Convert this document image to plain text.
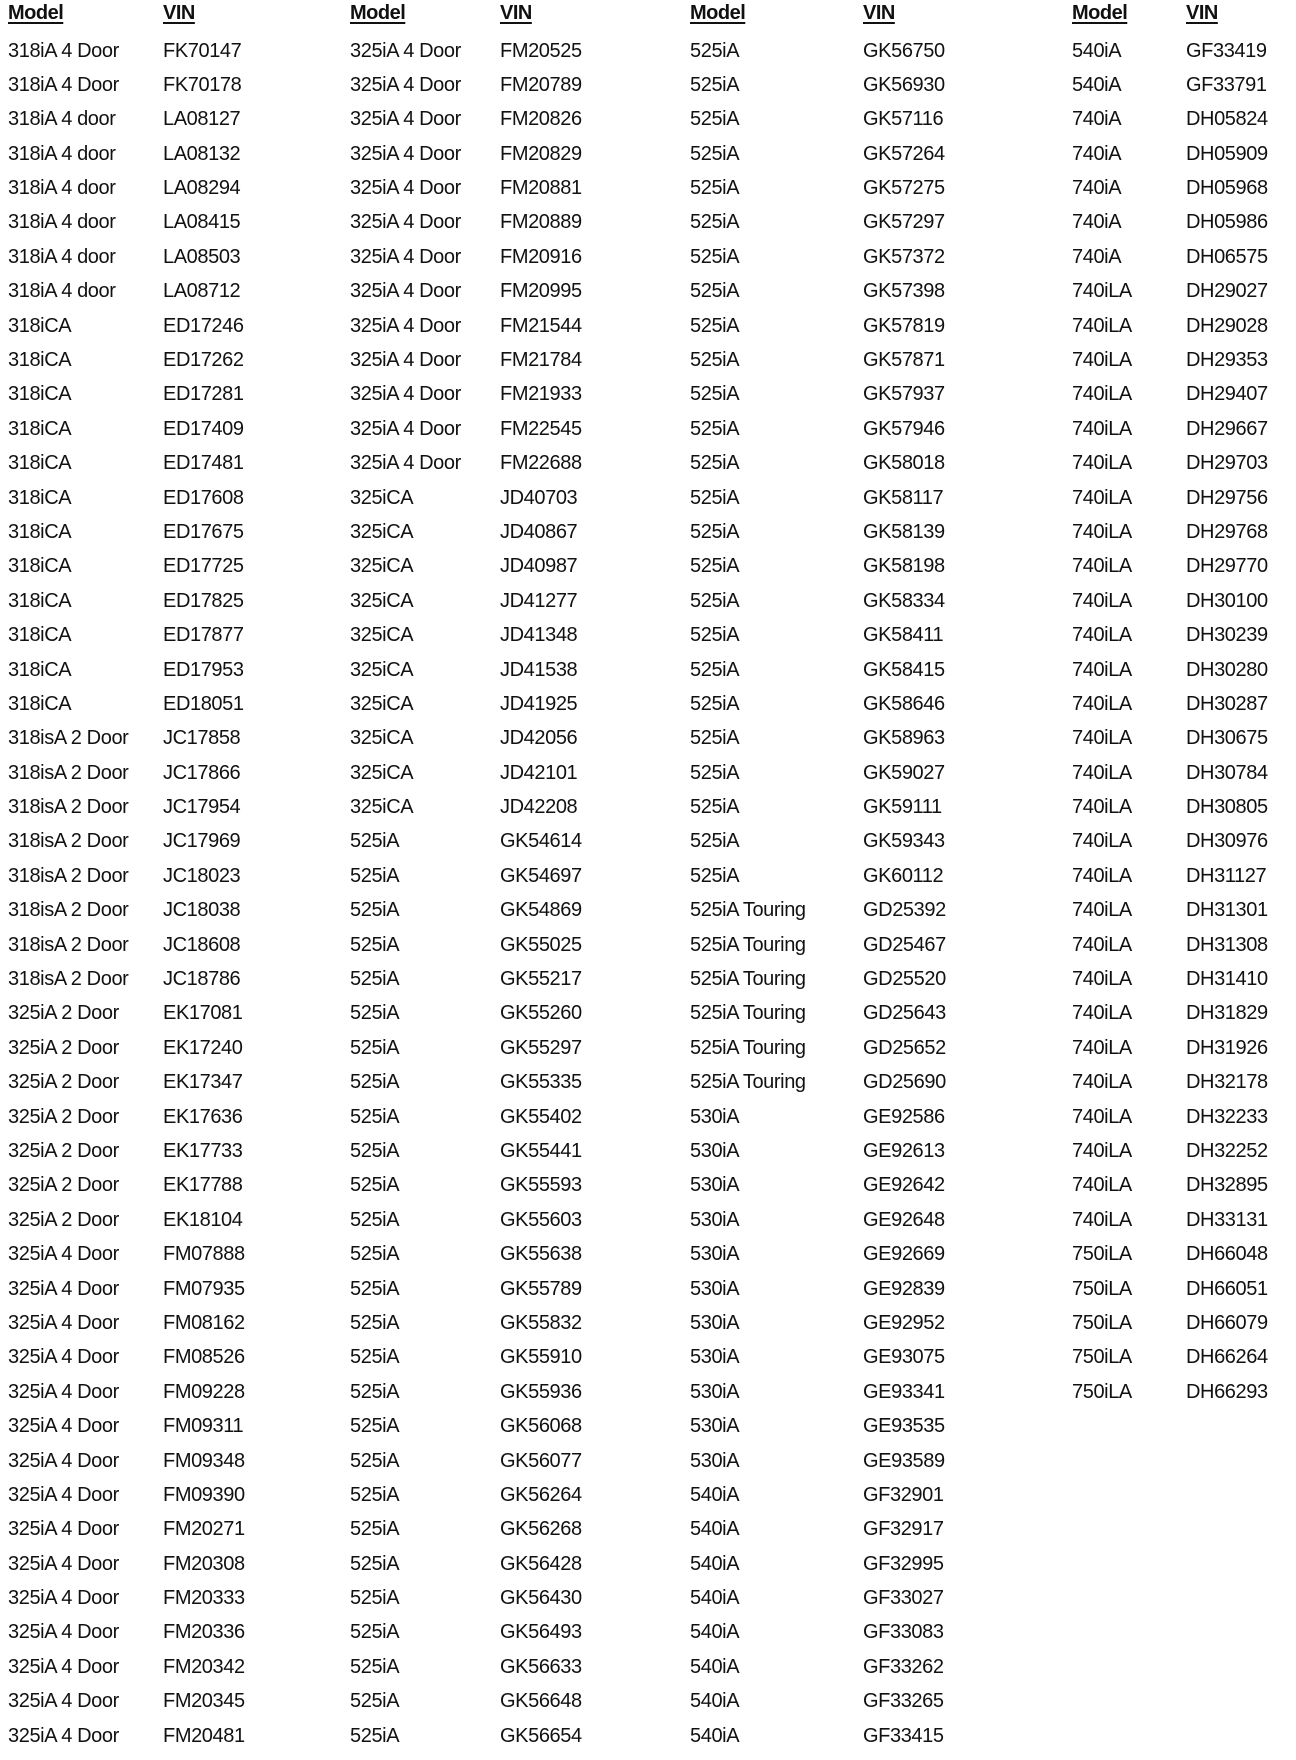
Model	VIN
318iA 4 Door FK70147
318iA 4 Door FK70178
318iA 4 door LA08127
318iA 4 door LA08132
318iA 4 door LA08294
318iA 4 door LA08415
318iA 4 door LA08503
318iA 4 door LA08712
318iCA	ED17246
318iCA	ED17262
318iCA	ED17281
318iCA	ED17409
318iCA	ED17481
318iCA	ED17608
318iCA	ED17675
318iCA	ED17725
318iCA	ED17825
318iCA	ED17877
318iCA	ED17953
318iCA	ED18051
318isA 2 Door JC17858
318isA 2 Door JC17866
318isA 2 Door JC17954
318isA 2 Door JC17969
318isA 2 Door JC18023
318isA 2 Door JC18038
318isA 2 Door JC18608
318isA 2 Door JC18786
325iA 2 Door EK17081
325iA 2 Door EK17240
325iA 2 Door EK17347
325iA 2 Door EK17636
325iA 2 Door EK17733
325iA 2 Door EK17788
325iA 2 Door EK18104
325iA 4 Door FM07888
325iA 4 Door FM07935
325iA 4 Door FM08162
325iA 4 Door FM08526
325iA 4 Door FM09228
325iA 4 Door FM09311
325iA 4 Door FM09348
325iA 4 Door FM09390
325iA 4 Door FM20271
325iA 4 Door FM20308
325iA 4 Door FM20333
325iA 4 Door FM20336
325iA 4 Door FM20342
325iA 4 Door FM20345
325iA 4 Door FM20481
Model	VIN
325iA 4 Door FM20525
325iA 4 Door FM20789
325iA 4 Door FM20826
325iA 4 Door FM20829
325iA 4 Door FM20881
325iA 4 Door FM20889
325iA 4 Door FM20916
325iA 4 Door FM20995
325iA 4 Door FM21544
325iA 4 Door FM21784
325iA 4 Door FM21933
325iA 4 Door FM22545
325iA 4 Door FM22688
325iCA	JD40703
325iCA	JD40867
325iCA	JD40987
325iCA	JD41277
325iCA	JD41348
325iCA	JD41538
325iCA	JD41925
325iCA	JD42056
325iCA	JD42101
325iCA	JD42208
525iA	GK54614
525iA	GK54697
525iA	GK54869
525iA	GK55025
525iA	GK55217
525iA	GK55260
525iA	GK55297
525iA	GK55335
525iA	GK55402
525iA	GK55441
525iA	GK55593
525iA	GK55603
525iA	GK55638
525iA	GK55789
525iA	GK55832
525iA	GK55910
525iA	GK55936
525iA	GK56068
525iA	GK56077
525iA	GK56264
525iA	GK56268
525iA	GK56428
525iA	GK56430
525iA	GK56493
525iA	GK56633
525iA	GK56648
525iA	GK56654
Model	VIN
525iA	GK56750
525iA	GK56930
525iA	GK57116
525iA	GK57264
525iA	GK57275
525iA	GK57297
525iA	GK57372
525iA	GK57398
525iA	GK57819
525iA	GK57871
525iA	GK57937
525iA	GK57946
525iA	GK58018
525iA	GK58117
525iA	GK58139
525iA	GK58198
525iA	GK58334
525iA	GK58411
525iA	GK58415
525iA	GK58646
525iA	GK58963
525iA	GK59027
525iA	GK59111
525iA	GK59343
525iA	GK60112
525iA Touring	GD25392
525iA Touring	GD25467
525iA Touring	GD25520
525iA Touring	GD25643
525iA Touring	GD25652
525iA Touring	GD25690
530iA	GE92586
530iA	GE92613
530iA	GE92642
530iA	GE92648
530iA	GE92669
530iA	GE92839
530iA	GE92952
530iA	GE93075
530iA	GE93341
530iA	GE93535
530iA	GE93589
540iA	GF32901
540iA	GF32917
540iA	GF32995
540iA	GF33027
540iA	GF33083
540iA	GF33262
540iA	GF33265
540iA	GF33415
Model	VIN
540iA	GF33419
540iA	GF33791
740iA	DH05824
740iA	DH05909
740iA	DH05968
740iA	DH05986
740iA	DH06575
740iLA	DH29027
740iLA	DH29028
740iLA	DH29353
740iLA	DH29407
740iLA	DH29667
740iLA	DH29703
740iLA	DH29756
740iLA	DH29768
740iLA	DH29770
740iLA	DH30100
740iLA	DH30239
740iLA	DH30280
740iLA	DH30287
740iLA	DH30675
740iLA	DH30784
740iLA	DH30805
740iLA	DH30976
740iLA	DH31127
740iLA	DH31301
740iLA	DH31308
740iLA	DH31410
740iLA	DH31829
740iLA	DH31926
740iLA	DH32178
740iLA	DH32233
740iLA	DH32252
740iLA	DH32895
740iLA	DH33131
750iLA	DH66048
750iLA	DH66051
750iLA	DH66079
750iLA	DH66264
750iLA	DH66293
